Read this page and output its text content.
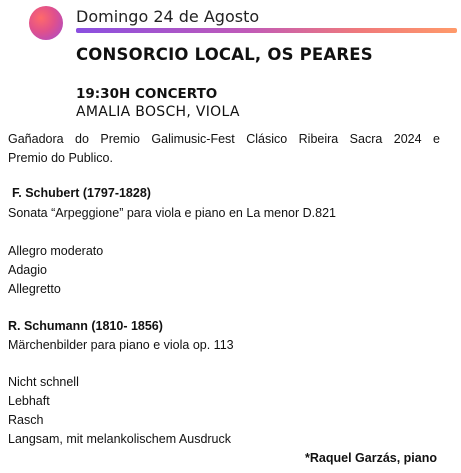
Domingo 24 de Agosto
CONSORCIO LOCAL, OS PEARES
19:30H CONCERTO
AMALIA BOSCH, VIOLA
Gañadora do Premio Galimusic-Fest Clásico Ribeira Sacra 2024 e
Premio do Publico.
F. Schubert (1797-1828)
Sonata “Arpeggione” para viola e piano en La menor D.821
Allegro moderato
Adagio
Allegretto
R. Schumann (1810- 1856)
Märchenbilder para piano e viola op. 113
Nicht schnell
Lebhaft
Rasch
Langsam, mit melankolischem Ausdruck
*Raquel Garzás, piano
